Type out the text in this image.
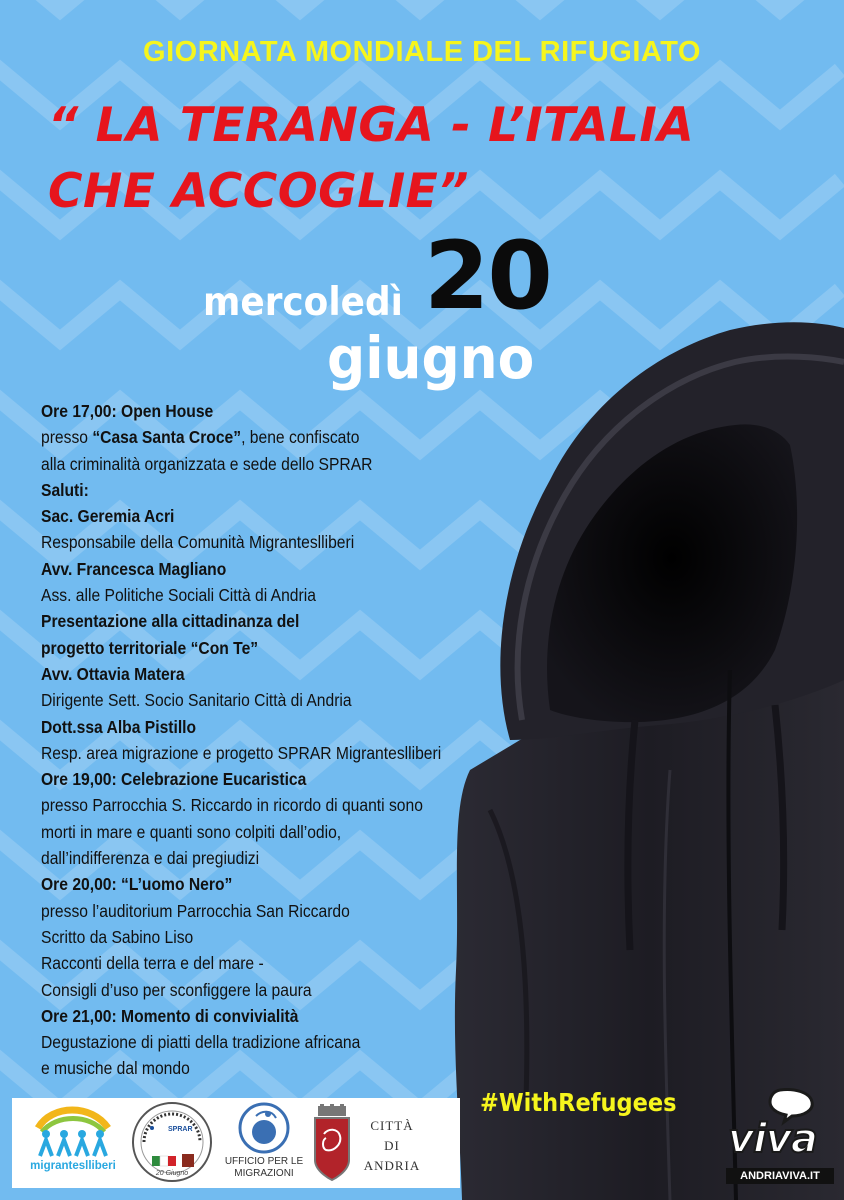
GIORNATA MONDIALE DEL RIFUGIATO
“ LA TERANGA - L’ITALIA
CHE ACCOGLIE”
mercoledì 20
giugno
Ore 17,00: Open House
presso “Casa Santa Croce”, bene confiscato
alla criminalità organizzata e sede dello SPRAR
Saluti:
Sac. Geremia Acri
Responsabile della Comunità Migranteslliberi
Avv. Francesca Magliano
Ass. alle Politiche Sociali Città di Andria
Presentazione alla cittadinanza del
progetto territoriale “Con Te”
Avv. Ottavia Matera
Dirigente Sett. Socio Sanitario Città di Andria
Dott.ssa Alba Pistillo
Resp. area migrazione e progetto SPRAR Migranteslliberi
Ore 19,00: Celebrazione Eucaristica
presso Parrocchia S. Riccardo in ricordo di quanti sono
morti in mare e quanti sono colpiti dall’odio,
dall’indifferenza e dai pregiudizi
Ore 20,00: “L’uomo Nero”
presso l’auditorium Parrocchia San Riccardo
Scritto da Sabino Liso
Racconti della terra e del mare -
Consigli d’uso per sconfiggere la paura
Ore 21,00: Momento di convivialità
Degustazione di piatti della tradizione africana
e musiche dal mondo
#WithRefugees
migranteslliberi
SPRAR
20 Giugno
UFFICIO PER LE MIGRAZIONI
CITTÀ
DI
ANDRIA
viva
ANDRIAVIVA.IT
